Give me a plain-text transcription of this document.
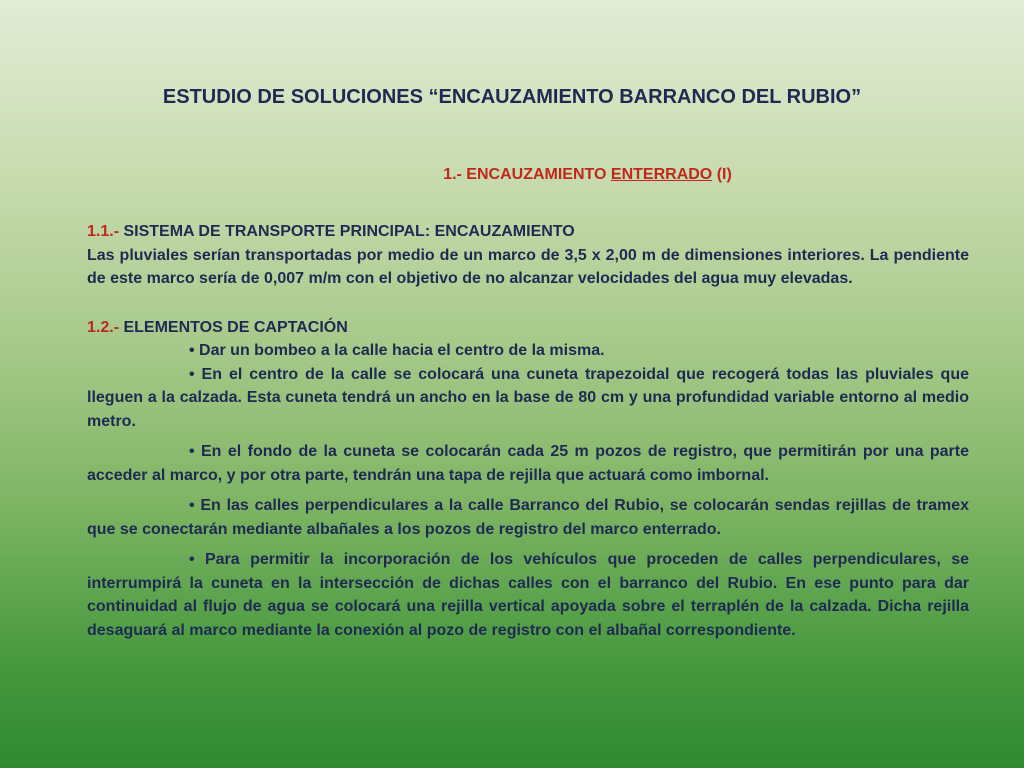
ESTUDIO DE SOLUCIONES “ENCAUZAMIENTO BARRANCO DEL RUBIO”

1.- ENCAUZAMIENTO ENTERRADO (I)

1.1.- SISTEMA DE TRANSPORTE PRINCIPAL: ENCAUZAMIENTO

Las pluviales serían transportadas por medio de un marco de 3,5 x 2,00 m de dimensiones interiores. La pendiente de este marco sería de 0,007 m/m con el objetivo de no alcanzar velocidades del agua muy elevadas.

1.2.- ELEMENTOS DE CAPTACIÓN

• Dar un bombeo a la calle hacia el centro de la misma.

• En el centro de la calle se colocará una cuneta trapezoidal que recogerá todas las pluviales que lleguen a la calzada. Esta cuneta tendrá un ancho en la base de 80 cm y una profundidad variable entorno al medio metro.

• En el fondo de la cuneta se colocarán cada 25 m pozos de registro, que permitirán por una parte acceder al marco, y por otra parte, tendrán una tapa de rejilla que actuará como imbornal.

• En las calles perpendiculares a la calle Barranco del Rubio, se colocarán sendas rejillas de tramex que se conectarán mediante albañales a los pozos de registro del marco enterrado.

• Para permitir la incorporación de los vehículos que proceden de calles perpendiculares, se interrumpirá la cuneta en la intersección de dichas calles con el barranco del Rubio. En ese punto para dar continuidad al flujo de agua se colocará una rejilla vertical apoyada sobre el terraplén de la calzada. Dicha rejilla desaguará al marco mediante la conexión al pozo de registro con el albañal correspondiente.
